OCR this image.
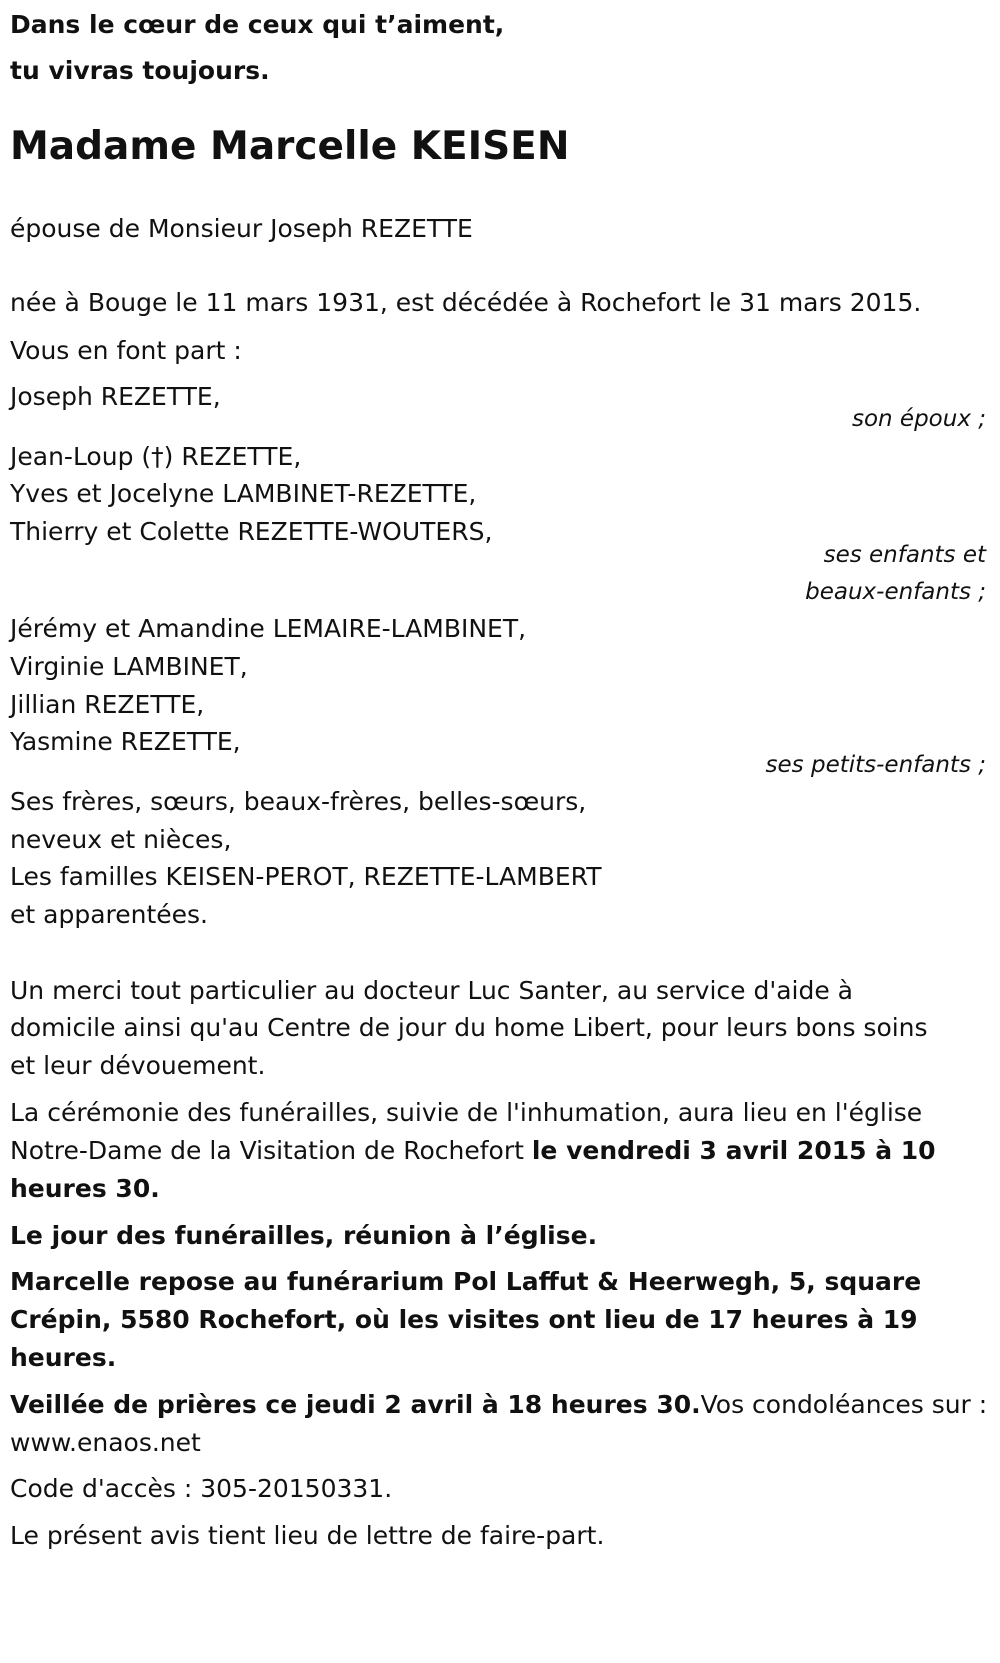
Dans le cœur de ceux qui t’aiment,
tu vivras toujours.
Madame Marcelle KEISEN
épouse de Monsieur Joseph REZETTE
née à Bouge le 11 mars 1931, est décédée à Rochefort le 31 mars 2015.
Vous en font part :
Joseph REZETTE,
son époux ;
Jean-Loup (†) REZETTE,
Yves et Jocelyne LAMBINET-REZETTE,
Thierry et Colette REZETTE-WOUTERS,
ses enfants et
beaux-enfants ;
Jérémy et Amandine LEMAIRE-LAMBINET,
Virginie LAMBINET,
Jillian REZETTE,
Yasmine REZETTE,
ses petits-enfants ;
Ses frères, sœurs, beaux-frères, belles-sœurs,
neveux et nièces,
Les familles KEISEN-PEROT, REZETTE-LAMBERT
et apparentées.
Un merci tout particulier au docteur Luc Santer, au service d'aide à
domicile ainsi qu'au Centre de jour du home Libert, pour leurs bons soins
et leur dévouement.
La cérémonie des funérailles, suivie de l'inhumation, aura lieu en l'église
Notre-Dame de la Visitation de Rochefort le vendredi 3 avril 2015 à 10
heures 30.
Le jour des funérailles, réunion à l’église.
Marcelle repose au funérarium Pol Laffut & Heerwegh, 5, square
Crépin, 5580 Rochefort, où les visites ont lieu de 17 heures à 19
heures.
Veillée de prières ce jeudi 2 avril à 18 heures 30.Vos condoléances sur :
www.enaos.net
Code d'accès : 305-20150331.
Le présent avis tient lieu de lettre de faire-part.
